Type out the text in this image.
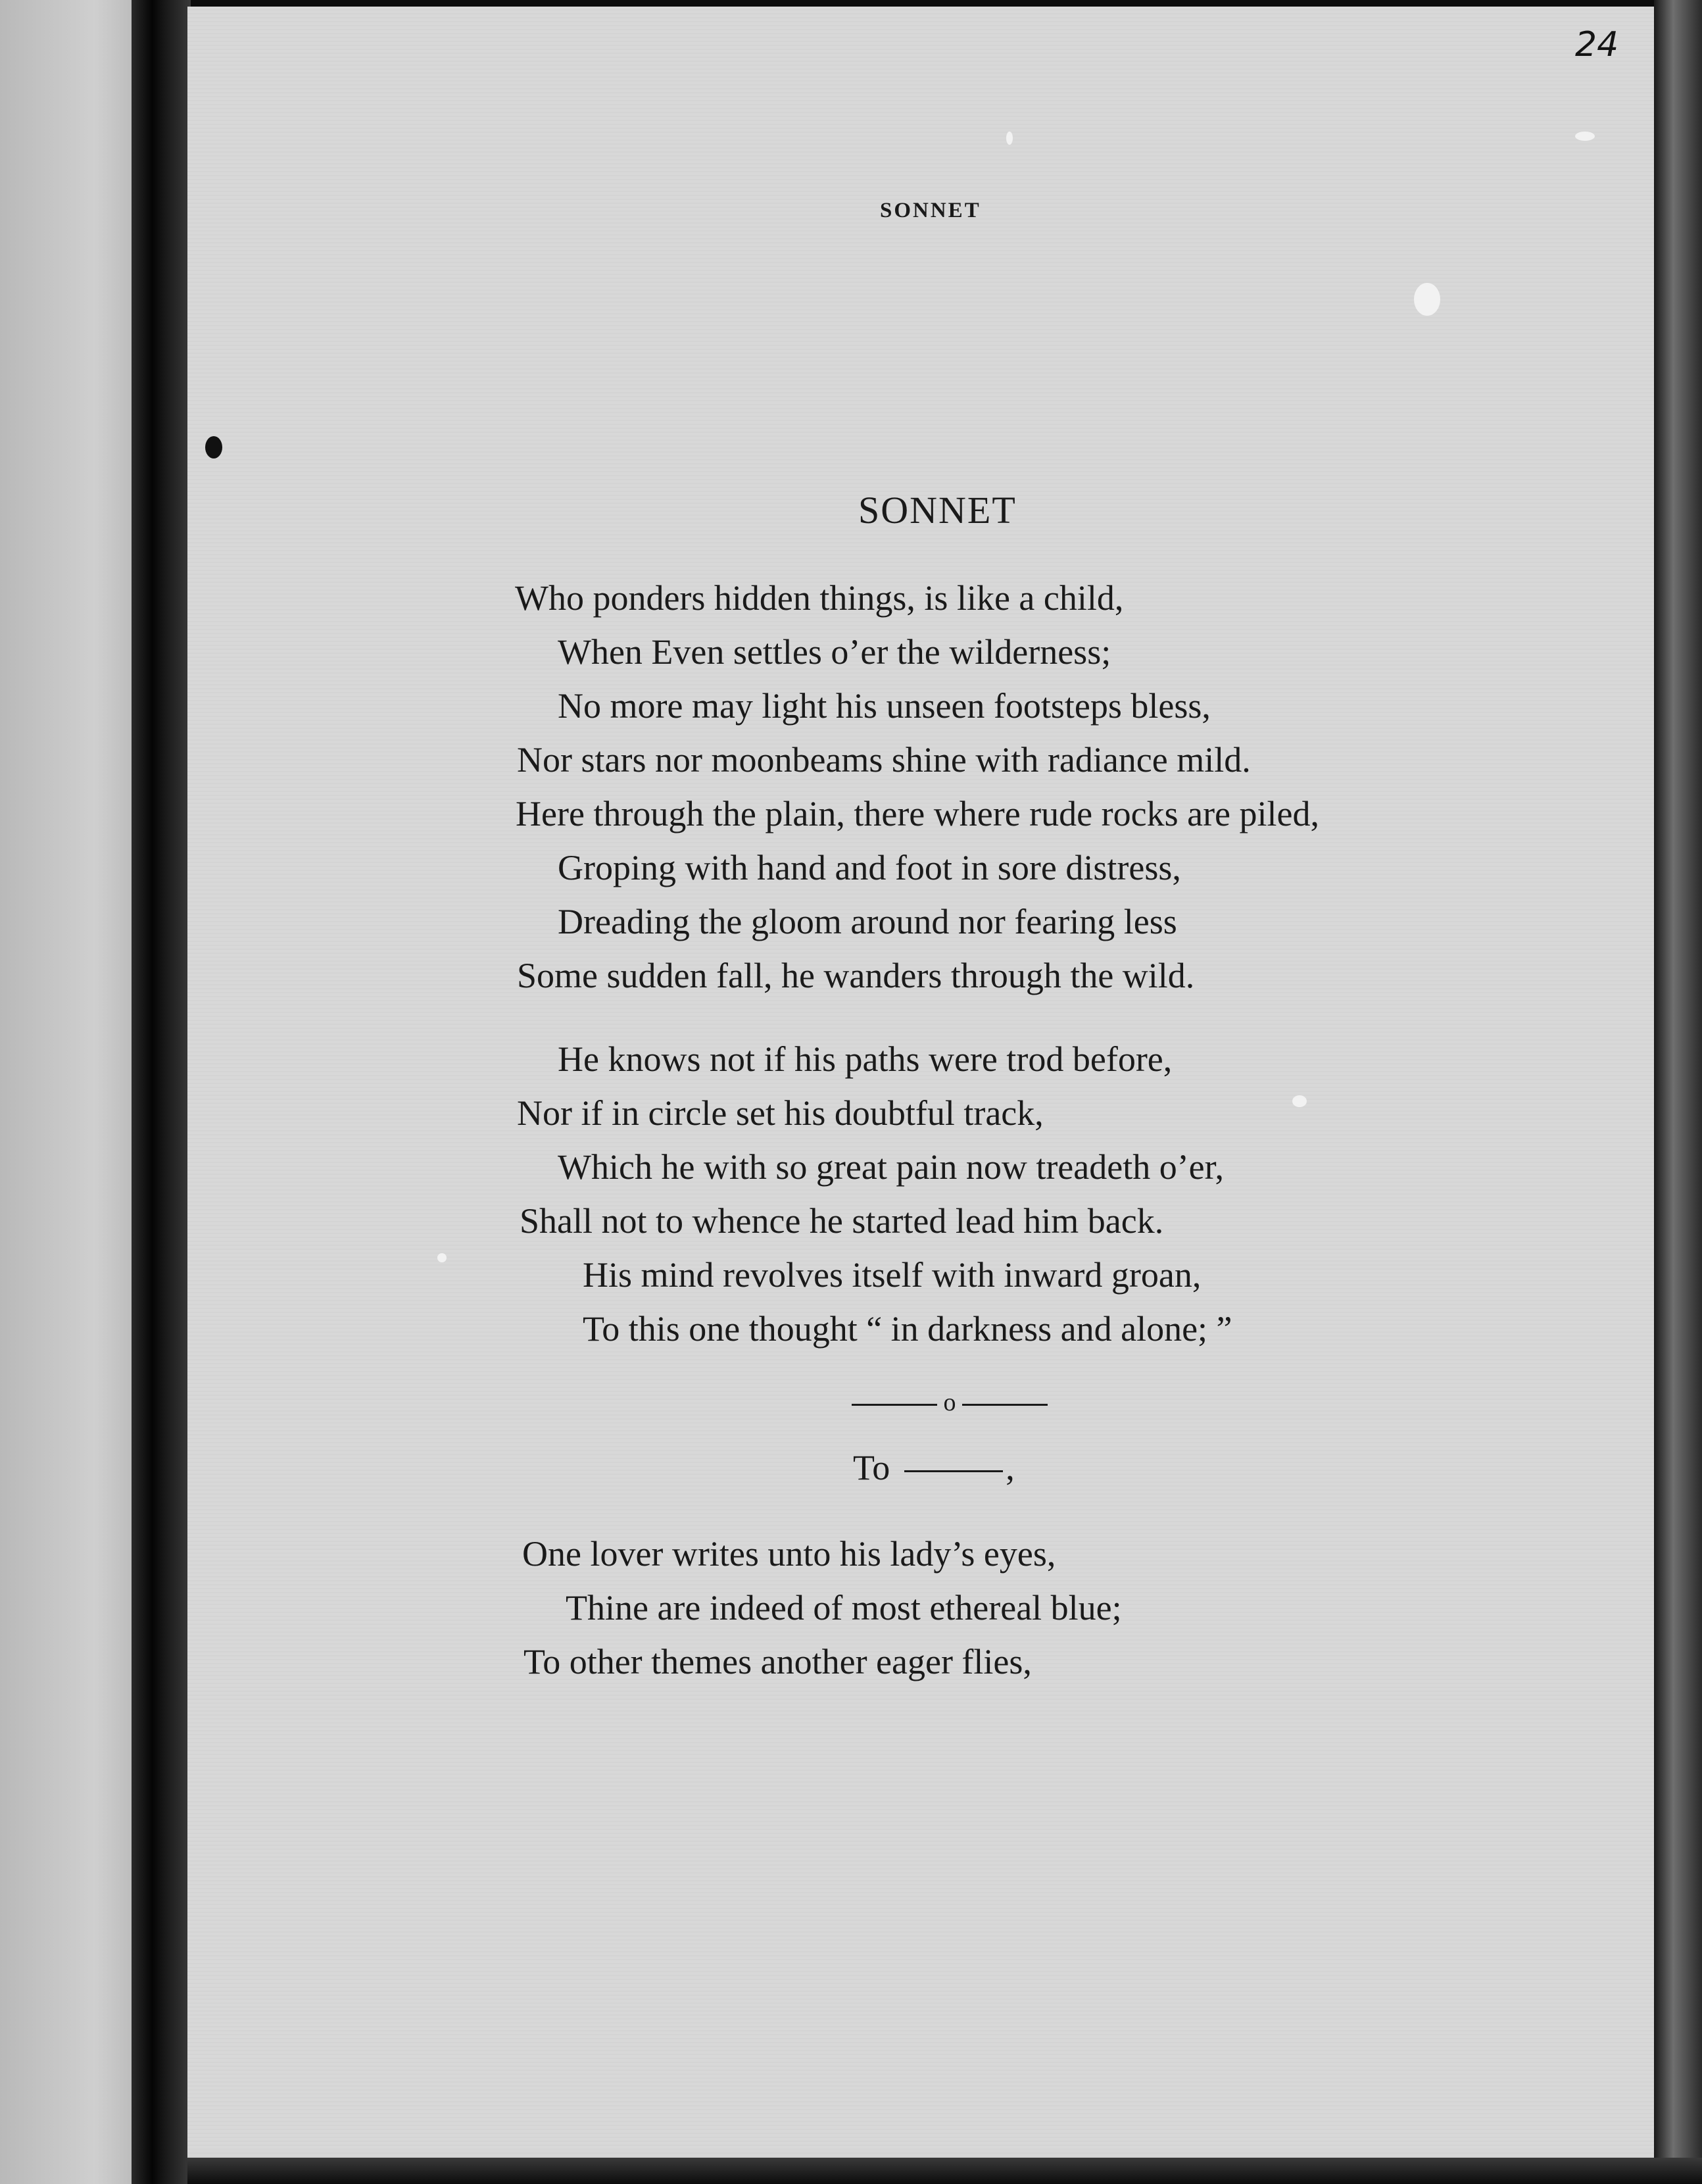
24
SONNET
SONNET
Who ponders hidden things, is like a child,
When Even settles o’er the wilderness;
No more may light his unseen footsteps bless,
Nor stars nor moonbeams shine with radiance mild.
Here through the plain, there where rude rocks are piled,
Groping with hand and foot in sore distress,
Dreading the gloom around nor fearing less
Some sudden fall, he wanders through the wild.
He knows not if his paths were trod before,
Nor if in circle set his doubtful track,
Which he with so great pain now treadeth o’er,
Shall not to whence he started lead him back.
His mind revolves itself with inward groan,
To this one thought “ in darkness and alone; ”
o
To	,
One lover writes unto his lady’s eyes,
Thine are indeed of most ethereal blue;
To other themes another eager flies,
